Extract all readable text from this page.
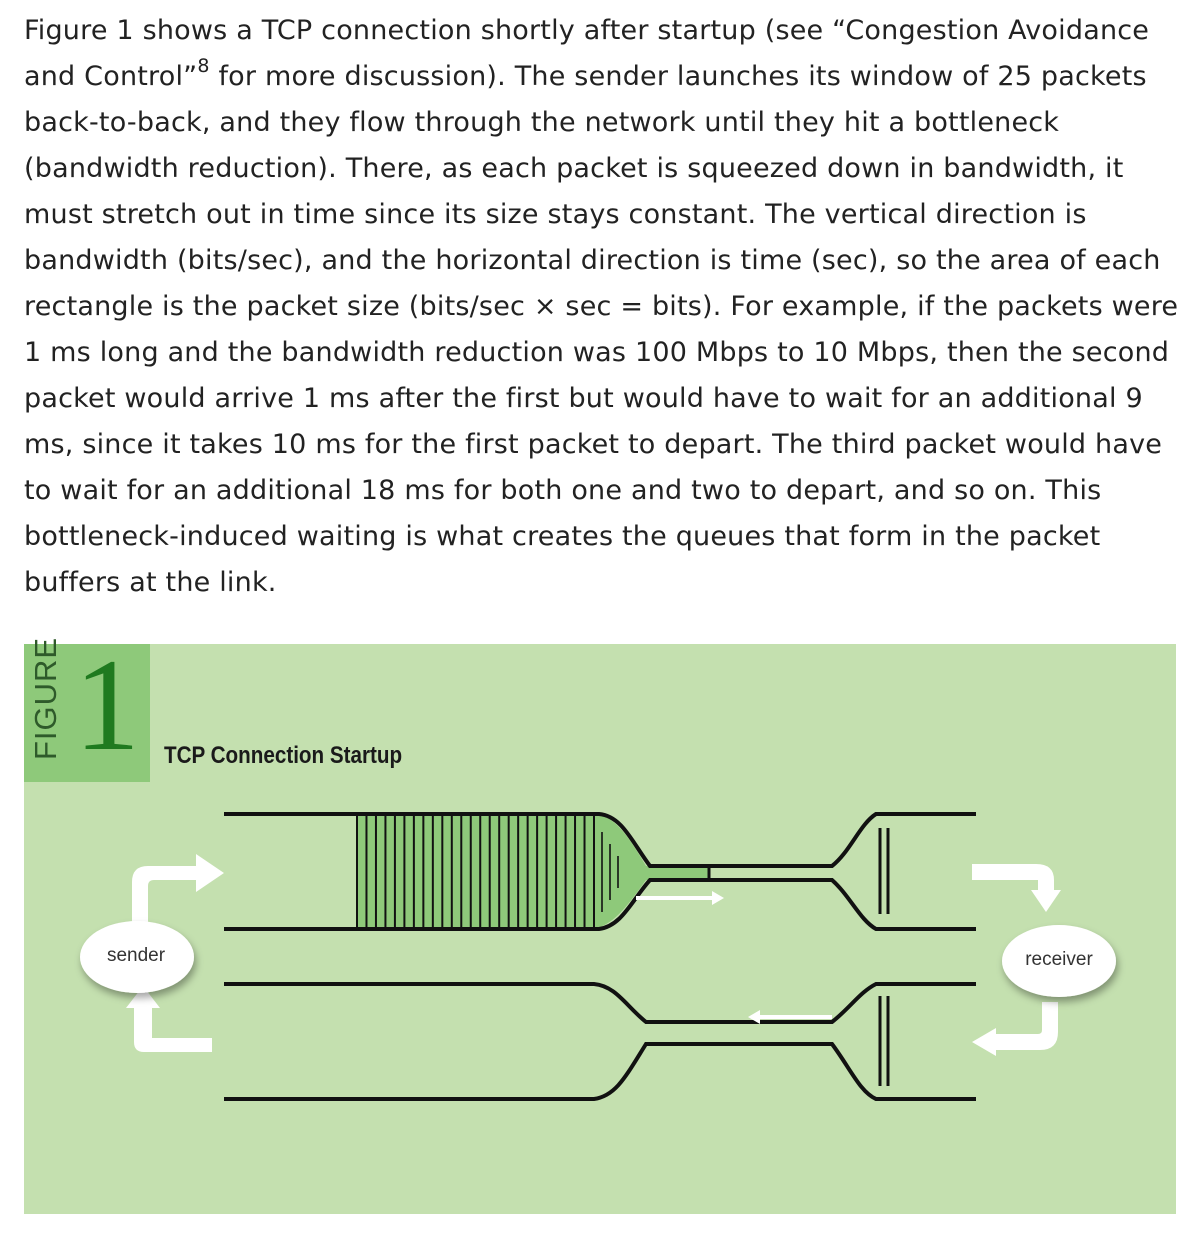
Figure 1 shows a TCP connection shortly after startup (see “Congestion Avoidance and Control”$^8$ for more discussion). The sender launches its window of 25 packets back-to-back, and they flow through the network until they hit a bottleneck (bandwidth reduction). There, as each packet is squeezed down in bandwidth, it must stretch out in time since its size stays constant. The vertical direction is bandwidth (bits/sec), and the horizontal direction is time (sec), so the area of each rectangle is the packet size (bits/sec × sec = bits). For example, if the packets were 1 ms long and the bandwidth reduction was 100 Mbps to 10 Mbps, then the second packet would arrive 1 ms after the first but would have to wait for an additional 9 ms, since it takes 10 ms for the first packet to depart. The third packet would have to wait for an additional 18 ms for both one and two to depart, and so on. This bottleneck-induced waiting is what creates the queues that form in the packet buffers at the link.

FIGURE 1 TCP Connection Startup
sender	receiver
